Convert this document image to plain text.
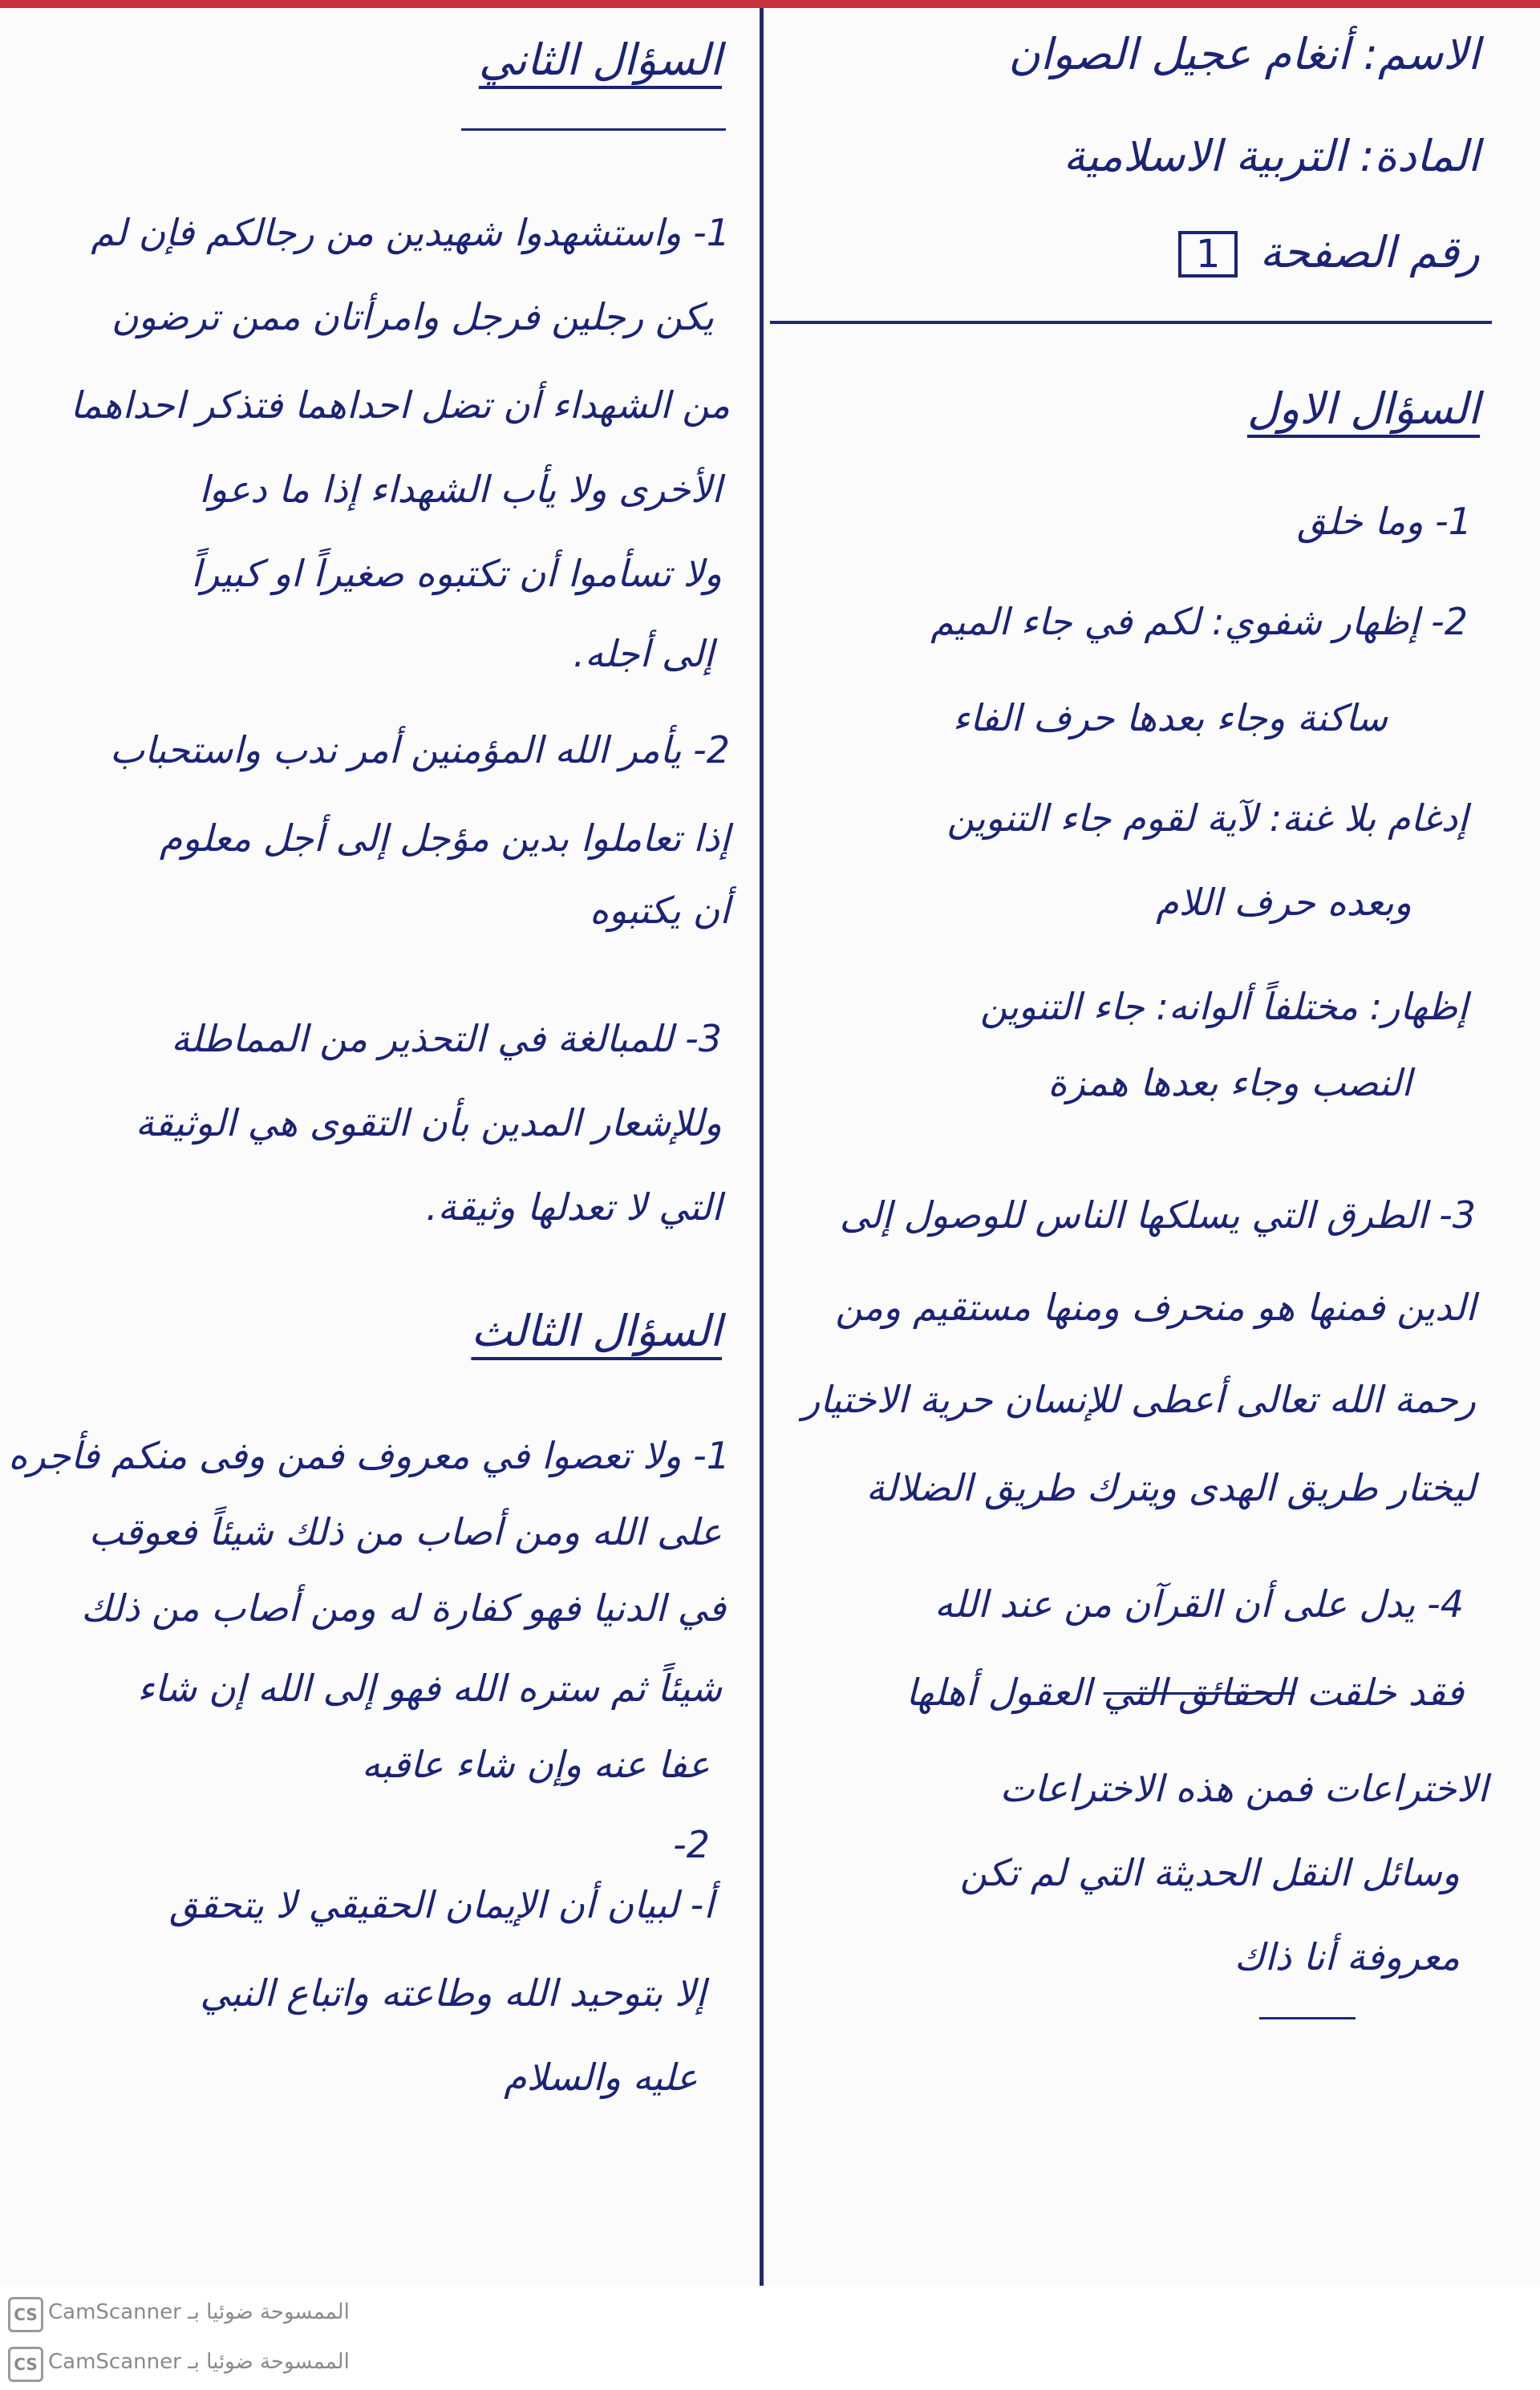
الاسم: أنغام عجيل الصوان
المادة: التربية الاسلامية
رقم الصفحة 1
السؤال الاول
1- وما خلق
2- إظهار شفوي: لكم في جاء الميم
ساكنة وجاء بعدها حرف الفاء
إدغام بلا غنة: لآية لقوم جاء التنوين
وبعده حرف اللام
إظهار: مختلفاً ألوانه: جاء التنوين
النصب وجاء بعدها همزة
3- الطرق التي يسلكها الناس للوصول إلى
الدين فمنها هو منحرف ومنها مستقيم ومن
رحمة الله تعالى أعطى للإنسان حرية الاختيار
ليختار طريق الهدى ويترك طريق الضلالة
4- يدل على أن القرآن من عند الله
فقد خلقت الحقائق التي العقول أهلها
الاختراعات فمن هذه الاختراعات
وسائل النقل الحديثة التي لم تكن
معروفة أنا ذاك
السؤال الثاني
1- واستشهدوا شهيدين من رجالكم فإن لم
يكن رجلين فرجل وامرأتان ممن ترضون
من الشهداء أن تضل احداهما فتذكر احداهما
الأخرى ولا يأب الشهداء إذا ما دعوا
ولا تسأموا أن تكتبوه صغيراً او كبيراً
إلى أجله.
2- يأمر الله المؤمنين أمر ندب واستحباب
إذا تعاملوا بدين مؤجل إلى أجل معلوم
أن يكتبوه
3- للمبالغة في التحذير من المماطلة
وللإشعار المدين بأن التقوى هي الوثيقة
التي لا تعدلها وثيقة.
السؤال الثالث
1- ولا تعصوا في معروف فمن وفى منكم فأجره
على الله ومن أصاب من ذلك شيئاً فعوقب
في الدنيا فهو كفارة له ومن أصاب من ذلك
شيئاً ثم ستره الله فهو إلى الله إن شاء
عفا عنه وإن شاء عاقبه
2-
أ- لبيان أن الإيمان الحقيقي لا يتحقق
إلا بتوحيد الله وطاعته واتباع النبي
عليه والسلام
CS CamScanner الممسوحة ضوئيا بـ
CS CamScanner الممسوحة ضوئيا بـ
